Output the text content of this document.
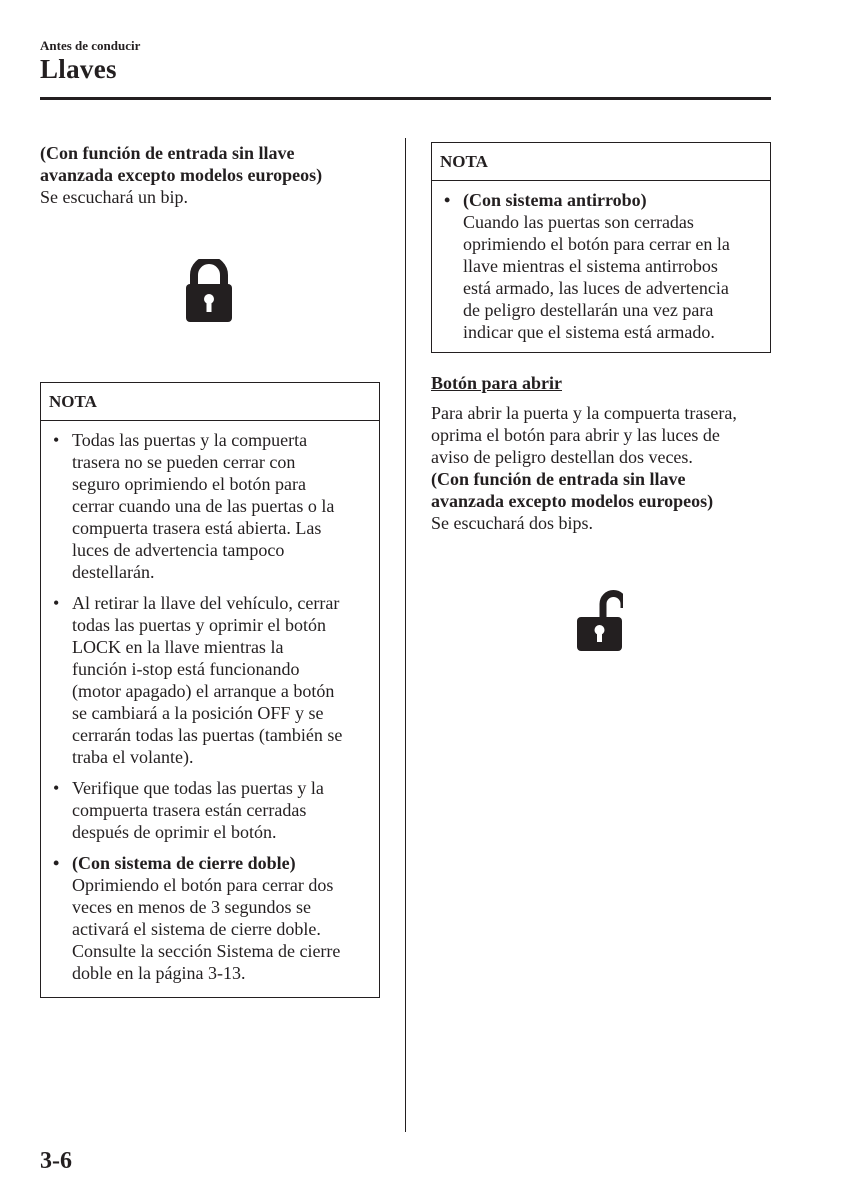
Antes de conducir
Llaves
(Con función de entrada sin llave
avanzada excepto modelos europeos)
Se escuchará un bip.
NOTA
• Todas las puertas y la compuerta
trasera no se pueden cerrar con
seguro oprimiendo el botón para
cerrar cuando una de las puertas o la
compuerta trasera está abierta. Las
luces de advertencia tampoco
destellarán.
• Al retirar la llave del vehículo, cerrar
todas las puertas y oprimir el botón
LOCK en la llave mientras la
función i-stop está funcionando
(motor apagado) el arranque a botón
se cambiará a la posición OFF y se
cerrarán todas las puertas (también se
traba el volante).
• Verifique que todas las puertas y la
compuerta trasera están cerradas
después de oprimir el botón.
• (Con sistema de cierre doble)
Oprimiendo el botón para cerrar dos
veces en menos de 3 segundos se
activará el sistema de cierre doble.
Consulte la sección Sistema de cierre
doble en la página 3-13.
NOTA
• (Con sistema antirrobo)
Cuando las puertas son cerradas
oprimiendo el botón para cerrar en la
llave mientras el sistema antirrobos
está armado, las luces de advertencia
de peligro destellarán una vez para
indicar que el sistema está armado.
Botón para abrir
Para abrir la puerta y la compuerta trasera,
oprima el botón para abrir y las luces de
aviso de peligro destellan dos veces.
(Con función de entrada sin llave
avanzada excepto modelos europeos)
Se escuchará dos bips.
3-6
